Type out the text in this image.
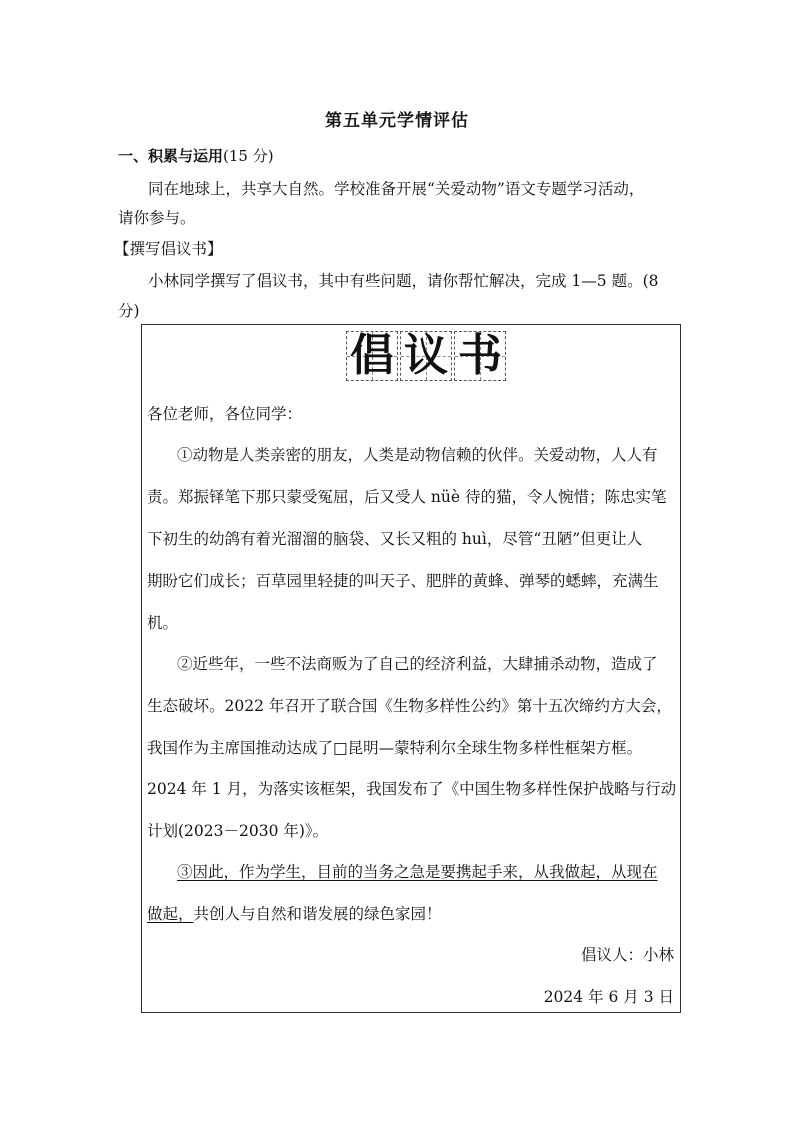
第五单元学情评估
一、积累与运用(15 分)
同在地球上，共享大自然。学校准备开展“关爱动物”语文专题学习活动，
请你参与。
【撰写倡议书】
小林同学撰写了倡议书，其中有些问题，请你帮忙解决，完成 1—5 题。(8
分)
倡 议 书
各位老师，各位同学：
①动物是人类亲密的朋友，人类是动物信赖的伙伴。关爱动物，人人有
责。郑振铎笔下那只蒙受冤屈，后又受人 nüè 待的猫，令人惋惜；陈忠实笔
下初生的幼鸽有着光溜溜的脑袋、又长又粗的 huì，尽管“丑陋”但更让人
期盼它们成长；百草园里轻捷的叫天子、肥胖的黄蜂、弹琴的蟋蟀，充满生
机。
②近些年，一些不法商贩为了自己的经济利益，大肆捕杀动物，造成了
生态破坏。2022 年召开了联合国《生物多样性公约》第十五次缔约方大会，
我国作为主席国推动达成了□昆明—蒙特利尔全球生物多样性框架方框。
2024 年 1 月，为落实该框架，我国发布了《中国生物多样性保护战略与行动
计划(2023－2030 年)》。
③因此，作为学生，目前的当务之急是要携起手来，从我做起，从现在
做起，共创人与自然和谐发展的绿色家园！
倡议人：小林
2024 年 6 月 3 日
